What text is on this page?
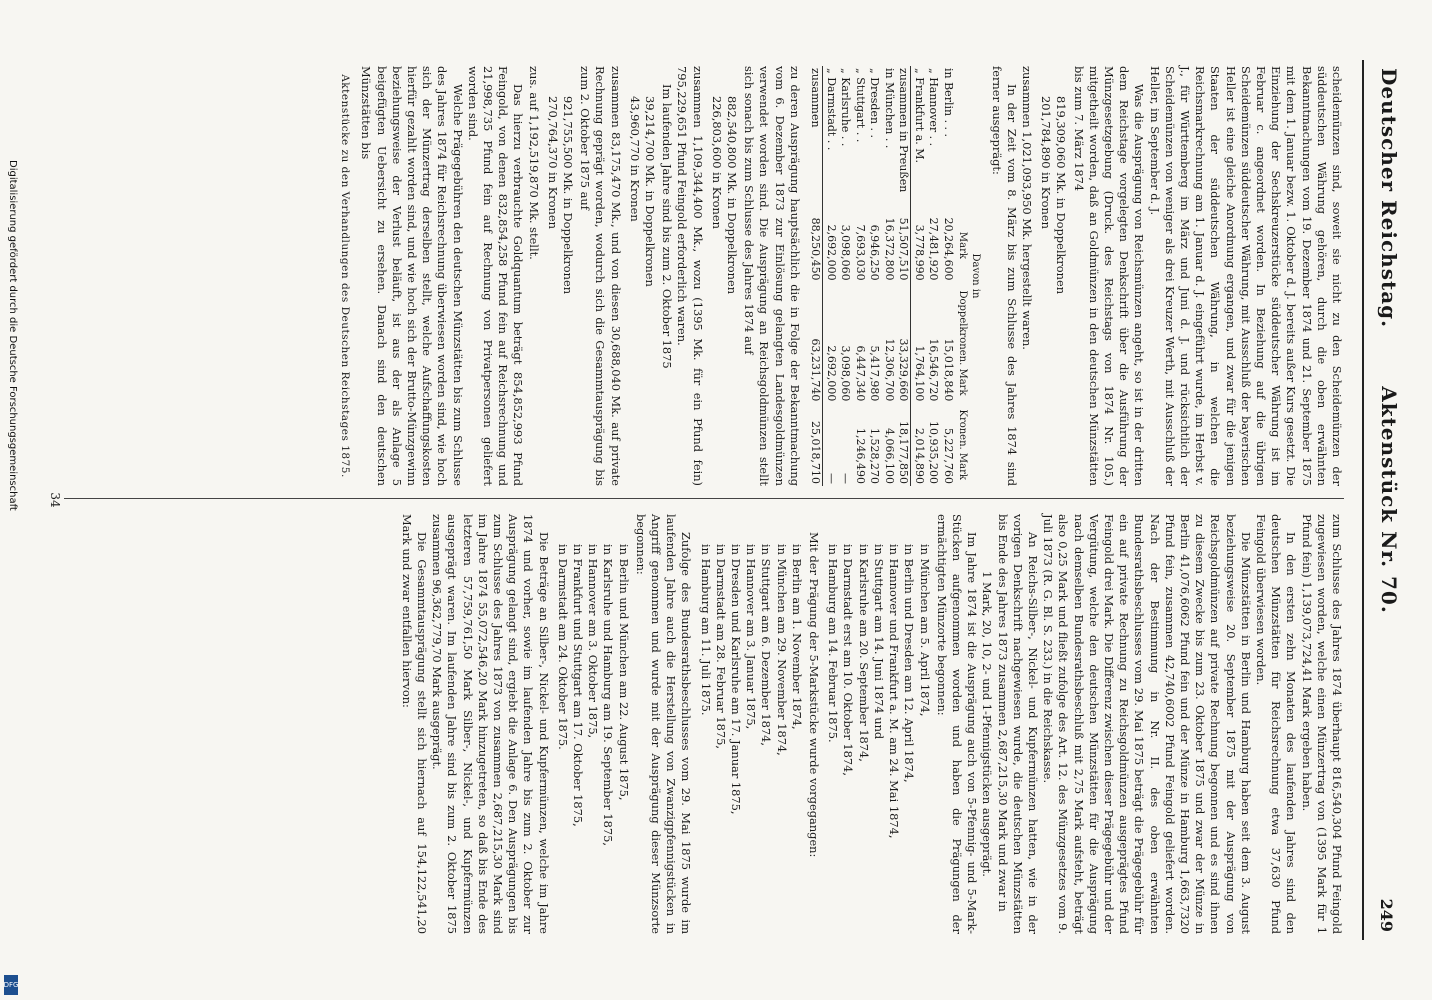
Digitalisierung gefördert durch die Deutsche Forschungsgemeinschaft
DFG
Deutscher Reichstag.
Aktenstück Nr. 70.
249

scheidemünzen sind, soweit sie nicht zu den Scheidemünzen der süddeutschen Währung gehören, durch die oben erwähnten Bekanntmachungen vom 19. Dezember 1874 und 21. September 1875 mit dem 1. Januar bezw. 1. Oktober d. J. bereits außer Kurs gesetzt. Die Einziehung der Sechskreuzerstücke süddeutscher Währung ist im Februar c. angeordnet worden. In Beziehung auf die übrigen Scheidemünzen süddeutscher Währung, mit Ausschluß der bayerischen Heller ist eine gleiche Anordnung ergangen, und zwar für die jenigen Staaten der süddeutschen Währung, in welchen die Reichsmarkrechnung am 1. Januar d. J. eingeführt wurde, im Herbst v. J., für Württemberg im März und Juni d. J. und rücksichtlich der Scheidemünzen von weniger als drei Kreuzer Werth, mit Ausschluß der Heller, im September d. J.

Was die Ausprägung von Reichsmünzen angeht, so ist in der dritten dem Reichstage vorgelegten Denkschrift über die Ausführung der Münzgesetzgebung (Druck. des Reichstags von 1874 Nr. 105.) mitgetheilt worden, daß an Goldmünzen in den deutschen Münzstätten bis zum 7. März 1874

819,309,060 Mk. in Doppelkronen
201,784,890 in Kronen

zusammen 1,021,093,950 Mk. hergestellt waren.

In der Zeit vom 8. März bis zum Schlusse des Jahres 1874 sind ferner ausgeprägt:

Davon in
	Mark	Doppelkronen. Mark	Kronen. Mark
in Berlin . . .	20,264,600	15,018,840	5,227,760
„ Hannover . .	27,481,920	16,546,720	10,935,200
„ Frankfurt a. M.	3,778,990	1,764,100	2,014,890
zusammen in Preußen	51,507,510	33,329,660	18,177,850
in München . .	16,372,800	12,306,700	4,066,100
„ Dresden . .	6,946,250	5,417,980	1,528,270
„ Stuttgart . .	7,693,030	6,447,340	1,246,490
„ Karlsruhe . .	3,098,060	3,098,060	—
„ Darmstadt . .	2,692,000	2,692,000	—
zusammen	88,250,450	63,231,740	25,018,710

zu deren Ausprägung hauptsächlich die in Folge der Bekanntmachung vom 6. Dezember 1873 zur Einlösung gelangten Landesgoldmünzen verwendet worden sind. Die Ausprägung an Reichsgoldmünzen stellt sich sonach bis zum Schlusse des Jahres 1874 auf

882,540,800 Mk. in Doppelkronen
226,803,600 in Kronen

zusammen 1,109,344,400 Mk., wozu (1395 Mk. für ein Pfund fein) 795,229,651 Pfund Feingold erforderlich waren.

Im laufenden Jahre sind bis zum 2. Oktober 1875

39,214,700 Mk. in Doppelkronen
43,960,770 in Kronen

zusammen 83,175,470 Mk., und von diesen 30,688,040 Mk. auf private Rechnung geprägt worden, wodurch sich die Gesammtausprägung bis zum 2. Oktober 1875 auf

921,755,500 Mk. in Doppelkronen
270,764,370 in Kronen

zus. auf 1,192,519,870 Mk. stellt.

Das hierzu verbrauchte Goldquantum beträgt 854,852,993 Pfund Feingold, von denen 832,854,258 Pfund fein auf Reichsrechnung und 21,998,735 Pfund fein auf Rechnung von Privatpersonen geliefert worden sind.

Welche Prägegebühren den deutschen Münzstätten bis zum Schlusse des Jahres 1874 für Reichsrechnung überwiesen worden sind, wie hoch sich der Münzertrag derselben stellt, welche Aufschaffungskosten hierfür gezahlt worden sind, und wie hoch sich der Brutto-Münzgewinn beziehungsweise der Verlust beläuft, ist aus der als Anlage 5 beigefügten Uebersicht zu ersehen. Danach sind den deutschen Münzstätten bis

Aktenstücke zu den Verhandlungen des Deutschen Reichstages 1875.

zum Schlusse des Jahres 1874 überhaupt 816,540,304 Pfund Feingold zugewiesen worden, welche einen Münzertrag von (1395 Mark für 1 Pfund fein) 1,139,073,724,41 Mark ergeben haben.

In den ersten zehn Monaten des laufenden Jahres sind den deutschen Münzstätten für Reichsrechnung etwa 37,630 Pfund Feingold überwiesen worden.

Die Münzstätten in Berlin und Hamburg haben seit dem 3. August beziehungsweise 20. September 1875 mit der Ausprägung von Reichsgoldmünzen auf private Rechnung begonnen und es sind ihnen zu diesem Zwecke bis zum 23. Oktober 1875 und zwar der Münze in Berlin 41,076,6062 Pfund fein und der Münze in Hamburg 1,663,7320 Pfund fein, zusammen 42,740,6002 Pfund Feingold geliefert worden. Nach der Bestimmung in Nr. II. des oben erwähnten Bundesrathsbeschlusses vom 29. Mai 1875 beträgt die Prägegebühr für ein auf private Rechnung zu Reichsgoldmünzen ausgeprägtes Pfund Feingold drei Mark. Die Differenz zwischen dieser Prägegebühr und der Vergütung, welche den deutschen Münzstätten für die Ausprägung nach demselben Bundesrathsbeschluß mit 2,75 Mark aufsteht, beträgt also 0,25 Mark und fließt zufolge des Art. 12. des Münzgesetzes vom 9. Juli 1873 (R. G. Bl. S. 233.) in die Reichskasse.

An Reichs-Silber-, Nickel- und Kupfermünzen hatten, wie in der vorigen Denkschrift nachgewiesen wurde, die deutschen Münzstätten bis Ende des Jahres 1873 zusammen 2,687,215,30 Mark und zwar in

1 Mark, 20, 10, 2- und 1-Pfennigstücken ausgeprägt.

Im Jahre 1874 ist die Ausprägung auch von 5-Pfennig- und 5-Mark-Stücken aufgenommen worden und haben die Prägungen der ermächtigten Münzorte begonnen:

in München am 5. April 1874,
in Berlin und Dresden am 12. April 1874,
in Hannover und Frankfurt a. M. am 24. Mai 1874,
in Stuttgart am 14. Juni 1874 und
in Karlsruhe am 20. September 1874,
in Darmstadt erst am 10. Oktober 1874,
in Hamburg am 14. Februar 1875.

Mit der Prägung der 5-Markstücke wurde vorgegangen:

in Berlin am 1. November 1874,
in München am 29. November 1874,
in Stuttgart am 6. Dezember 1874,
in Hannover am 3. Januar 1875,
in Dresden und Karlsruhe am 17. Januar 1875,
in Darmstadt am 28. Februar 1875,
in Hamburg am 11. Juli 1875.

Zufolge des Bundesrathsbeschlusses vom 29. Mai 1875 wurde im laufenden Jahre auch die Herstellung von Zwanzigpfennigstücken in Angriff genommen und wurde mit der Ausprägung dieser Münzsorte begonnen:

in Berlin und München am 22. August 1875,
in Karlsruhe und Hamburg am 19. September 1875,
in Hannover am 3. Oktober 1875,
in Frankfurt und Stuttgart am 17. Oktober 1875,
in Darmstadt am 24. Oktober 1875.

Die Beträge an Silber-, Nickel- und Kupfermünzen, welche im Jahre 1874 und vorher, sowie im laufenden Jahre bis zum 2. Oktober zur Ausprägung gelangt sind, ergiebt die Anlage 6. Den Ausprägungen bis zum Schlusse des Jahres 1873 von zusammen 2,687,215,30 Mark sind im Jahre 1874 55,072,546,20 Mark hinzugetreten, so daß bis Ende des letzteren 57,759,761,50 Mark Silber-, Nickel-, und Kupfermünzen ausgeprägt waren. Im laufenden Jahre sind bis zum 2. Oktober 1875 zusammen 96,362,779,70 Mark ausgeprägt.

Die Gesammtausprägung stellt sich hiernach auf 154,122,541,20 Mark und zwar entfallen hiervon:

34
